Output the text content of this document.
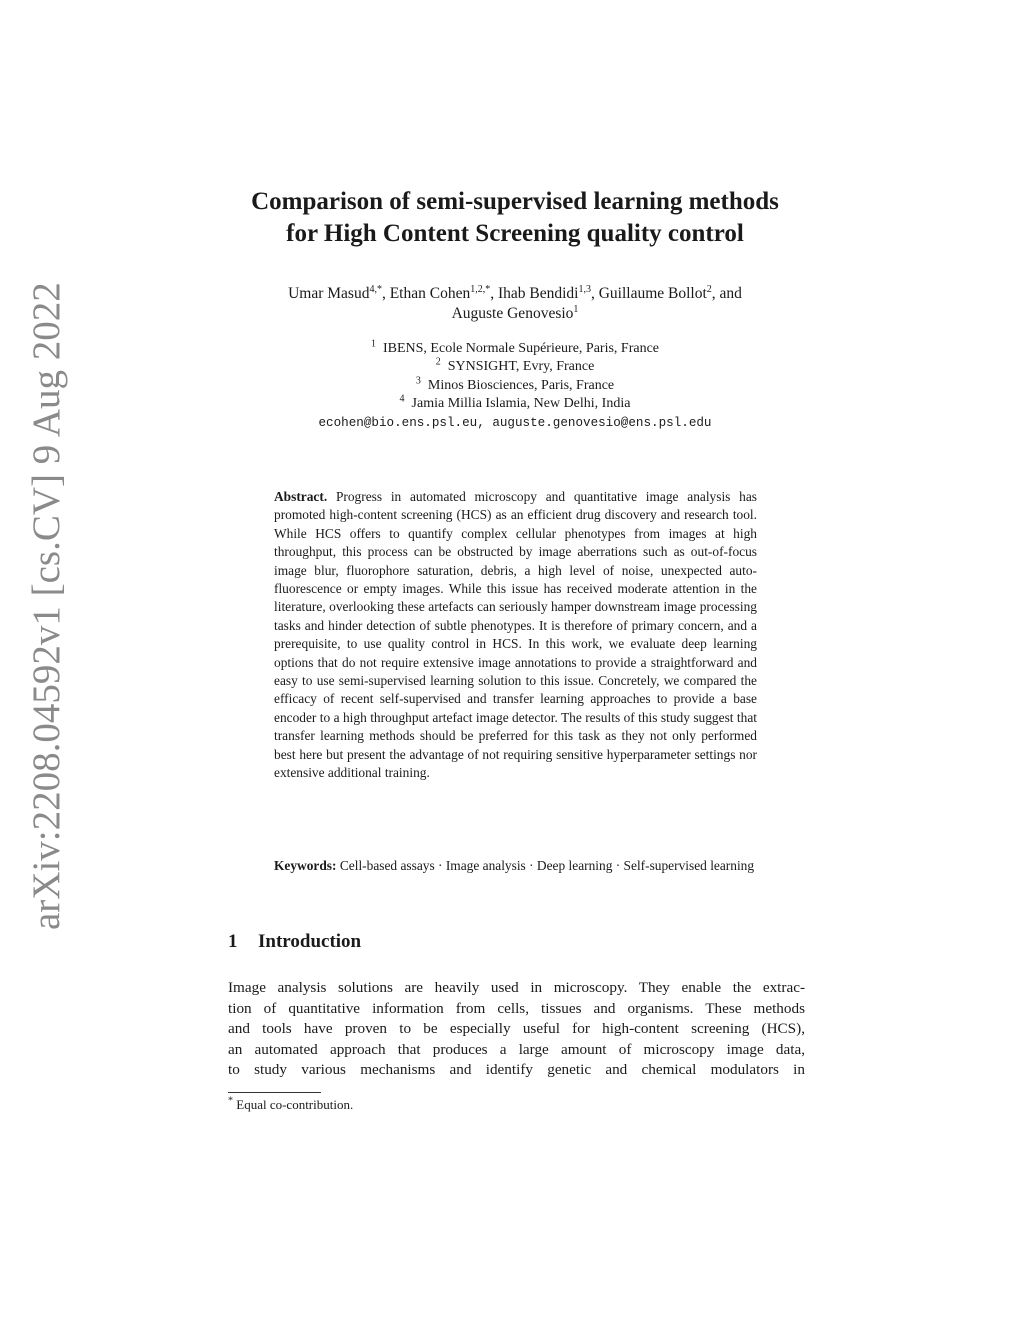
arXiv:2208.04592v1 [cs.CV] 9 Aug 2022
Comparison of semi-supervised learning methods
for High Content Screening quality control
Umar Masud$^{4,*}$, Ethan Cohen$^{1,2,*}$, Ihab Bendidi$^{1,3}$, Guillaume Bollot$^2$, and
Auguste Genovesio$^1$
$^1$ IBENS, Ecole Normale Supérieure, Paris, France
$^2$ SYNSIGHT, Evry, France
$^3$ Minos Biosciences, Paris, France
$^4$ Jamia Millia Islamia, New Delhi, India
ecohen@bio.ens.psl.eu, auguste.genovesio@ens.psl.edu
Abstract. Progress in automated microscopy and quantitative image analysis has promoted high-content screening (HCS) as an efficient drug discovery and research tool. While HCS offers to quantify complex cellular phenotypes from images at high throughput, this process can be obstructed by image aberrations such as out-of-focus image blur, fluorophore saturation, debris, a high level of noise, unexpected auto-fluorescence or empty images. While this issue has received moderate attention in the literature, overlooking these artefacts can seriously hamper downstream image processing tasks and hinder detection of subtle phenotypes. It is therefore of primary concern, and a prerequisite, to use quality control in HCS. In this work, we evaluate deep learning options that do not require extensive image annotations to provide a straightforward and easy to use semi-supervised learning solution to this issue. Concretely, we compared the efficacy of recent self-supervised and transfer learning approaches to provide a base encoder to a high throughput artefact image detector. The results of this study suggest that transfer learning methods should be preferred for this task as they not only performed best here but present the advantage of not requiring sensitive hyperparameter settings nor extensive additional training.
Keywords: Cell-based assays · Image analysis · Deep learning · Self-supervised learning
1 Introduction
Image analysis solutions are heavily used in microscopy. They enable the extrac-
tion of quantitative information from cells, tissues and organisms. These methods
and tools have proven to be especially useful for high-content screening (HCS),
an automated approach that produces a large amount of microscopy image data,
to study various mechanisms and identify genetic and chemical modulators in
* Equal co-contribution.
